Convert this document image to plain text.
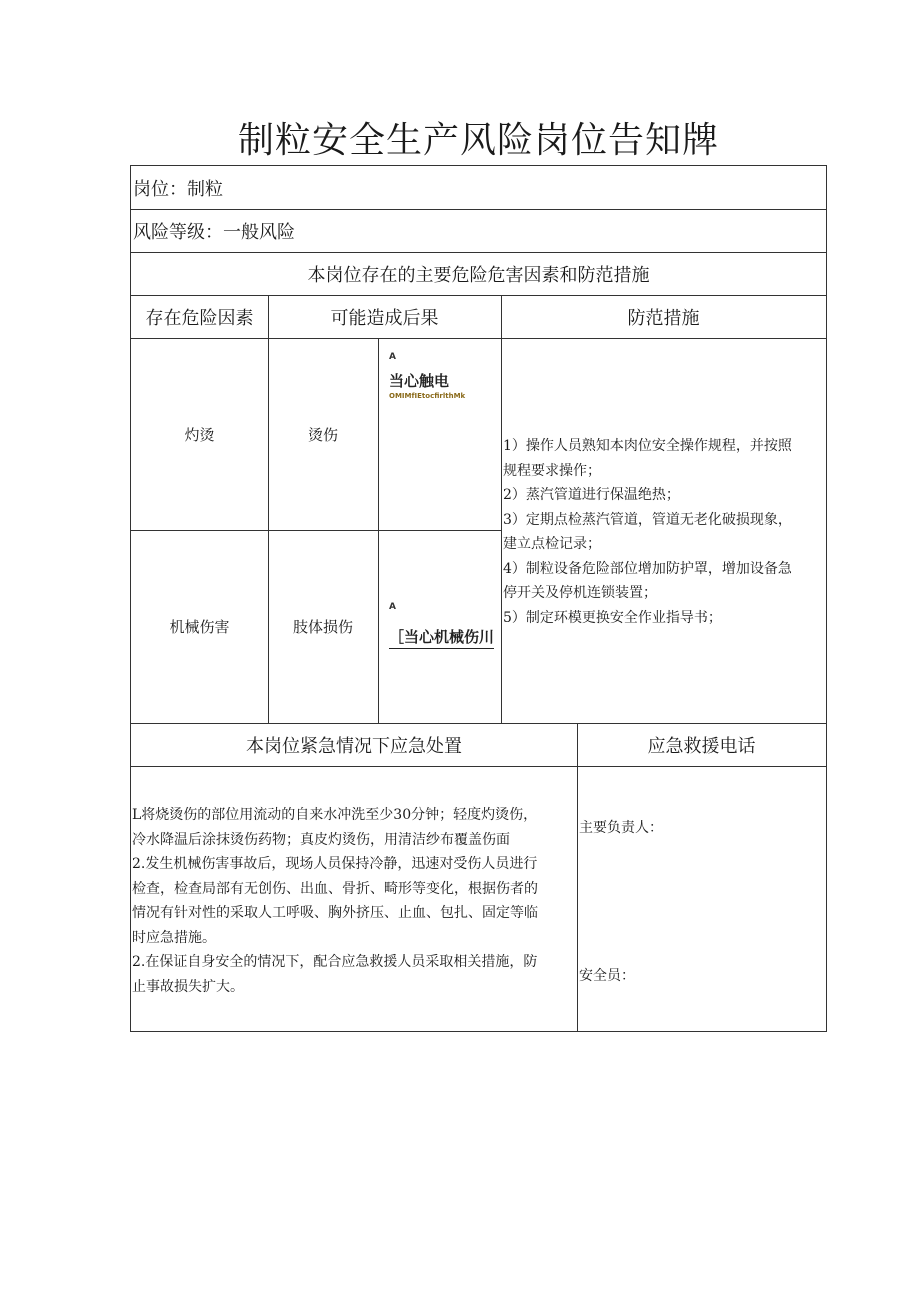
制粒安全生产风险岗位告知牌
岗位：制粒
风险等级：一般风险
本岗位存在的主要危险危害因素和防范措施
存在危险因素	可能造成后果	防范措施
灼烫	烫伤
A
当心触电
OMIMfIEtocfirlthMk
机械伤害	肢体损伤
A
［当心机械伤川
1）操作人员熟知本肉位安全操作规程，并按照
规程要求操作；
2）蒸汽管道进行保温绝热；
3）定期点检蒸汽管道，管道无老化破损现象，
建立点检记录；
4）制粒设备危险部位增加防护罩，增加设备急
停开关及停机连锁装置；
5）制定环模更换安全作业指导书；
本岗位紧急情况下应急处置	应急救援电话
L将烧烫伤的部位用流动的自来水冲洗至少30分钟；轻度灼烫伤，
冷水降温后涂抹烫伤药物；真皮灼烫伤，用清洁纱布覆盖伤面
2.发生机械伤害事故后，现场人员保持冷静，迅速对受伤人员进行
检查，检查局部有无创伤、出血、骨折、畸形等变化，根据伤者的
情况有针对性的采取人工呼吸、胸外挤压、止血、包扎、固定等临
时应急措施。
2.在保证自身安全的情况下，配合应急救援人员采取相关措施，防
止事故损失扩大。
主要负责人：
安全员：
